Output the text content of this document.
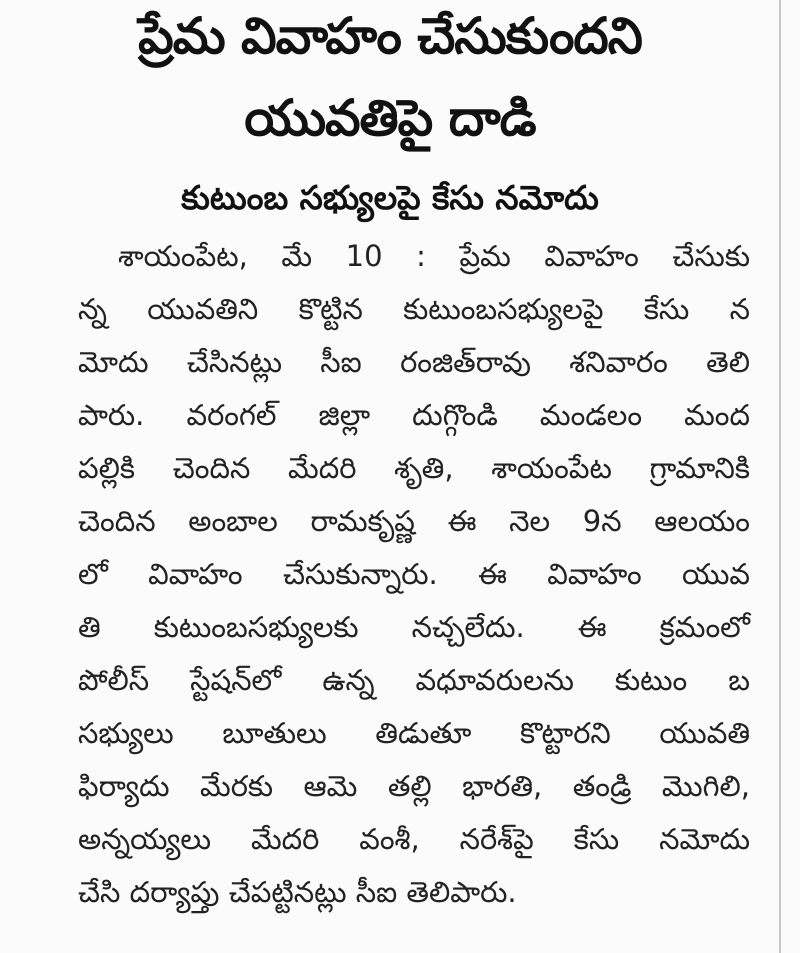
ప్రేమ వివాహం చేసుకుందని
యువతిపై దాడి
కుటుంబ సభ్యులపై కేసు నమోదు
శాయంపేట, మే 10 : ప్రేమ వివాహం చేసుకు
న్న యువతిని కొట్టిన కుటుంబసభ్యులపై కేసు న
మోదు చేసినట్లు సీఐ రంజిత్‌రావు శనివారం తెలి
పారు. వరంగల్ జిల్లా దుగ్గొండి మండలం మంద
పల్లికి చెందిన మేదరి శృతి, శాయంపేట గ్రామానికి
చెందిన అంబాల రామకృష్ణ ఈ నెల 9న ఆలయం
లో వివాహం చేసుకున్నారు. ఈ వివాహం యువ
తి కుటుంబసభ్యులకు నచ్చలేదు. ఈ క్రమంలో
పోలీస్ స్టేషన్‌లో ఉన్న వధూవరులను కుటుం బ
సభ్యులు బూతులు తిడుతూ కొట్టారని యువతి
ఫిర్యాదు మేరకు ఆమె తల్లి భారతి, తండ్రి మొగిలి,
అన్నయ్యలు మేదరి వంశీ, నరేశ్‌పై కేసు నమోదు
చేసి దర్యాప్తు చేపట్టినట్లు సీఐ తెలిపారు.
